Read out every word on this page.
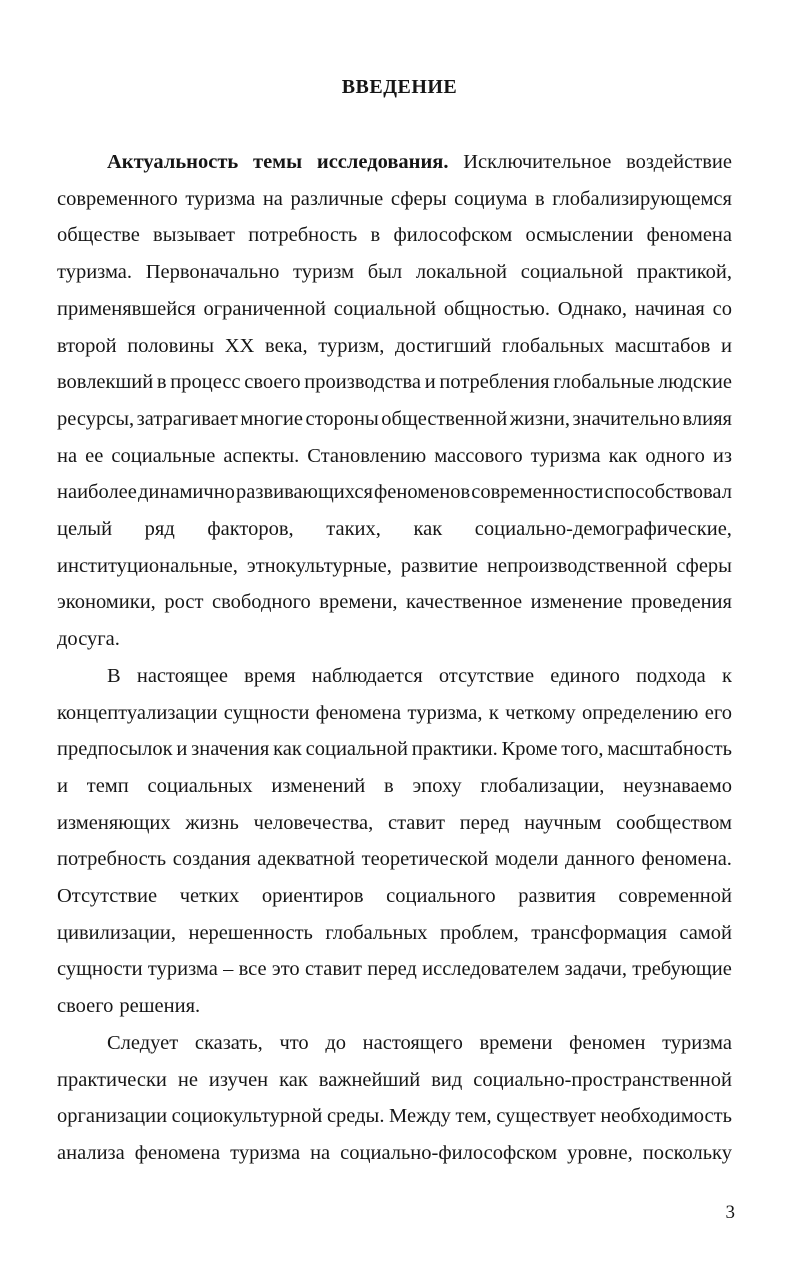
ВВЕДЕНИЕ
Актуальность темы исследования. Исключительное воздействие
современного туризма на различные сферы социума в глобализирующемся
обществе вызывает потребность в философском осмыслении феномена
туризма. Первоначально туризм был локальной социальной практикой,
применявшейся ограниченной социальной общностью. Однако, начиная со
второй половины XX века, туризм, достигший глобальных масштабов и
вовлекший в процесс своего производства и потребления глобальные людские
ресурсы, затрагивает многие стороны общественной жизни, значительно влияя
на ее социальные аспекты. Становлению массового туризма как одного из
наиболее динамично развивающихся феноменов современности способствовал
целый ряд факторов, таких, как социально-демографические,
институциональные, этнокультурные, развитие непроизводственной сферы
экономики, рост свободного времени, качественное изменение проведения
досуга.
В настоящее время наблюдается отсутствие единого подхода к
концептуализации сущности феномена туризма, к четкому определению его
предпосылок и значения как социальной практики. Кроме того, масштабность
и темп социальных изменений в эпоху глобализации, неузнаваемо
изменяющих жизнь человечества, ставит перед научным сообществом
потребность создания адекватной теоретической модели данного феномена.
Отсутствие четких ориентиров социального развития современной
цивилизации, нерешенность глобальных проблем, трансформация самой
сущности туризма – все это ставит перед исследователем задачи, требующие
своего решения.
Следует сказать, что до настоящего времени феномен туризма
практически не изучен как важнейший вид социально-пространственной
организации социокультурной среды. Между тем, существует необходимость
анализа феномена туризма на социально-философском уровне, поскольку
3
